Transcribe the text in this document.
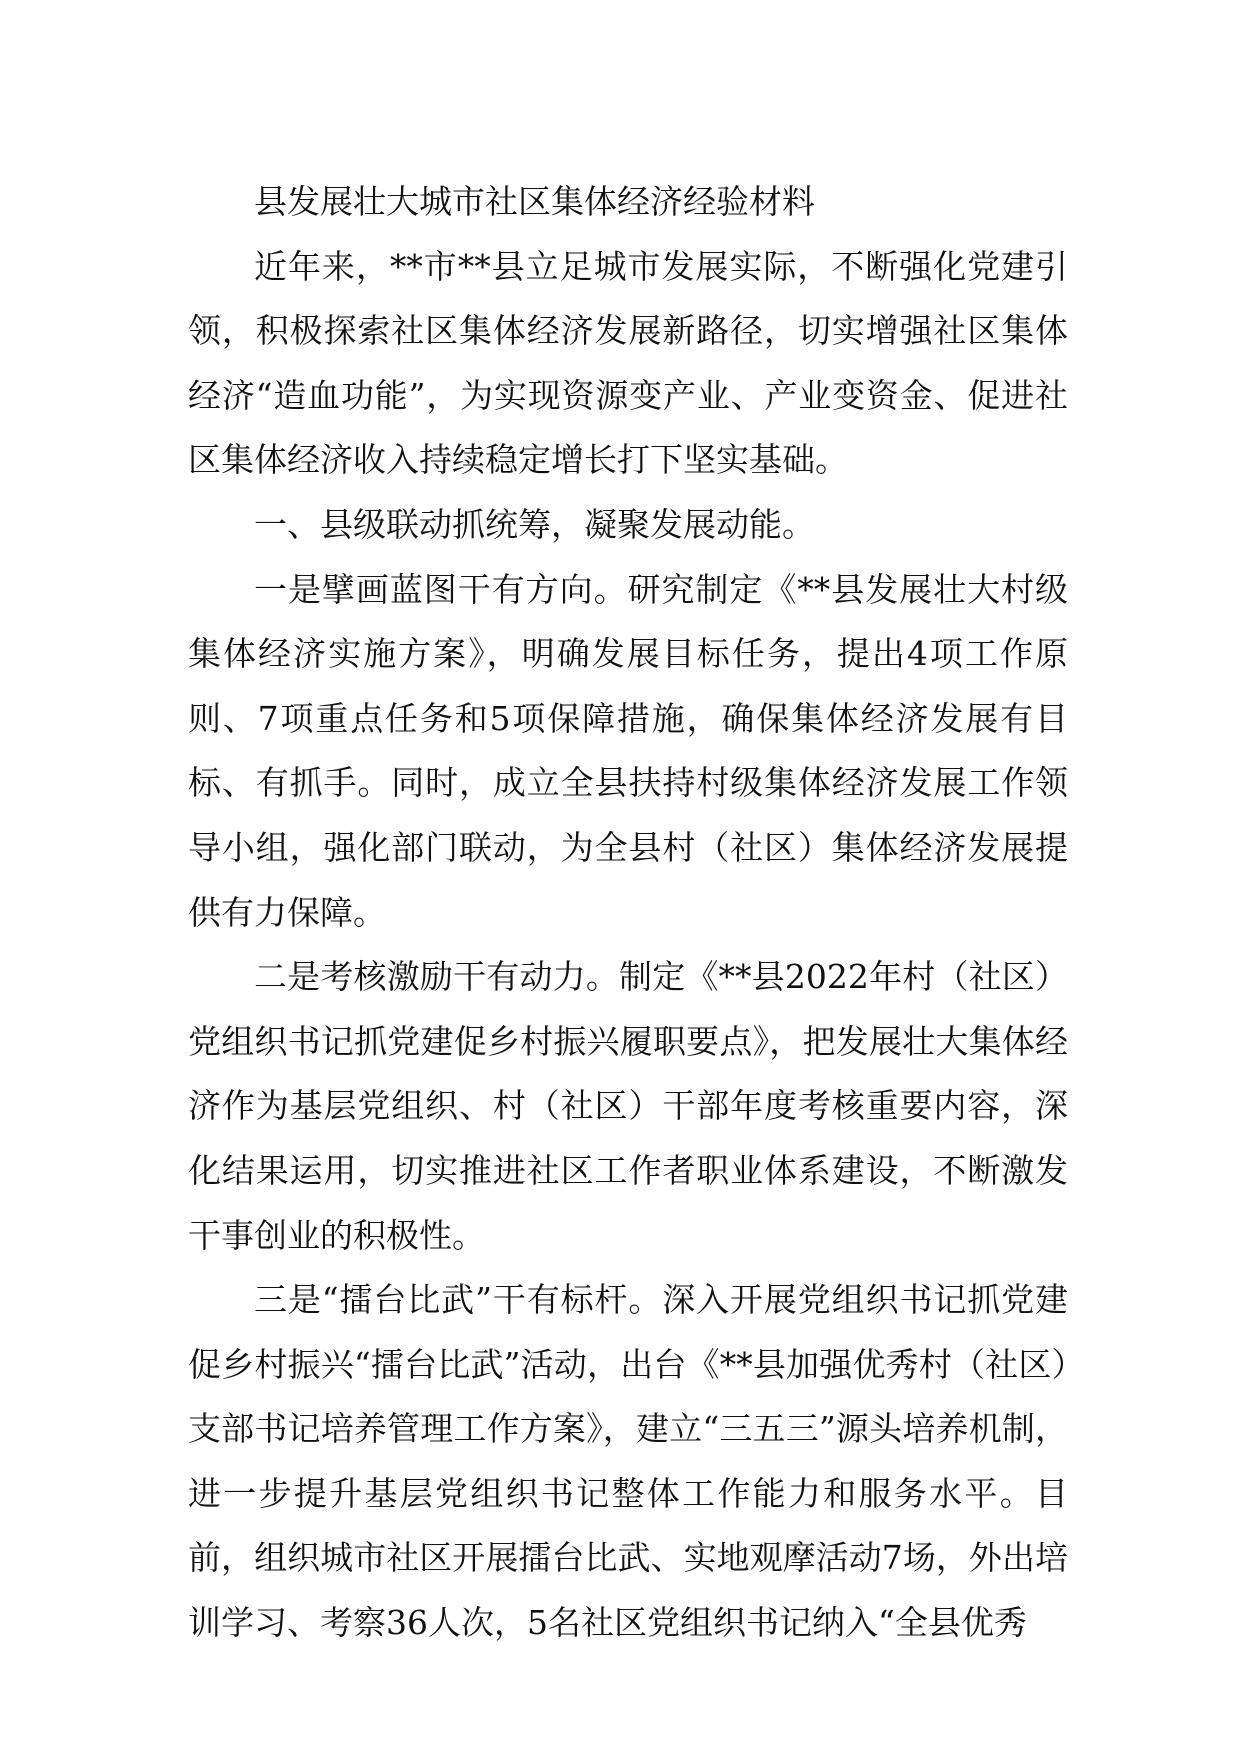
县发展壮大城市社区集体经济经验材料

近年来，**市**县立足城市发展实际，不断强化党建引领，积极探索社区集体经济发展新路径，切实增强社区集体经济“造血功能”，为实现资源变产业、产业变资金、促进社区集体经济收入持续稳定增长打下坚实基础。

一、县级联动抓统筹，凝聚发展动能。

一是擘画蓝图干有方向。研究制定《**县发展壮大村级集体经济实施方案》，明确发展目标任务，提出4项工作原则、7项重点任务和5项保障措施，确保集体经济发展有目标、有抓手。同时，成立全县扶持村级集体经济发展工作领导小组，强化部门联动，为全县村（社区）集体经济发展提供有力保障。

二是考核激励干有动力。制定《**县2022年村（社区）党组织书记抓党建促乡村振兴履职要点》，把发展壮大集体经济作为基层党组织、村（社区）干部年度考核重要内容，深化结果运用，切实推进社区工作者职业体系建设，不断激发干事创业的积极性。

三是“擂台比武”干有标杆。深入开展党组织书记抓党建促乡村振兴“擂台比武”活动，出台《**县加强优秀村（社区）支部书记培养管理工作方案》，建立“三五三”源头培养机制，进一步提升基层党组织书记整体工作能力和服务水平。目前，组织城市社区开展擂台比武、实地观摩活动7场，外出培训学习、考察36人次，5名社区党组织书记纳入“全县优秀
